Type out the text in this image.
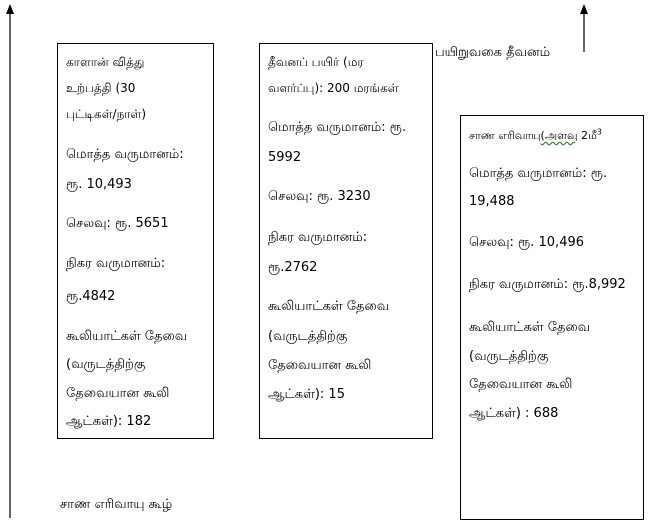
காளான் வித்து
உற்பத்தி (30
புட்டிகள்/நாள்)
மொத்த வருமானம்:
ரூ. 10,493
செலவு: ரூ. 5651
நிகர வருமானம்:
ரூ.4842
கூலியாட்கள் தேவை
(வருடத்திற்கு
தேவையான கூலி
ஆட்கள்): 182
தீவனப் பயிர் (மர
வளர்ப்பு): 200 மரங்கள்
மொத்த வருமானம்: ரூ.
5992
செலவு: ரூ. 3230
நிகர வருமானம்:
ரூ.2762
கூலியாட்கள் தேவை
(வருடத்திற்கு
தேவையான கூலி
ஆட்கள்): 15
சாண எரிவாயு(அளவு 2மீ$^3$
மொத்த வருமானம்: ரூ.
19,488
செலவு: ரூ. 10,496
நிகர வருமானம்: ரூ.8,992
கூலியாட்கள் தேவை
(வருடத்திற்கு
தேவையான கூலி
ஆட்கள்) : 688
பயிறுவகை தீவனம்
சாண எரிவாயு கூழ்
